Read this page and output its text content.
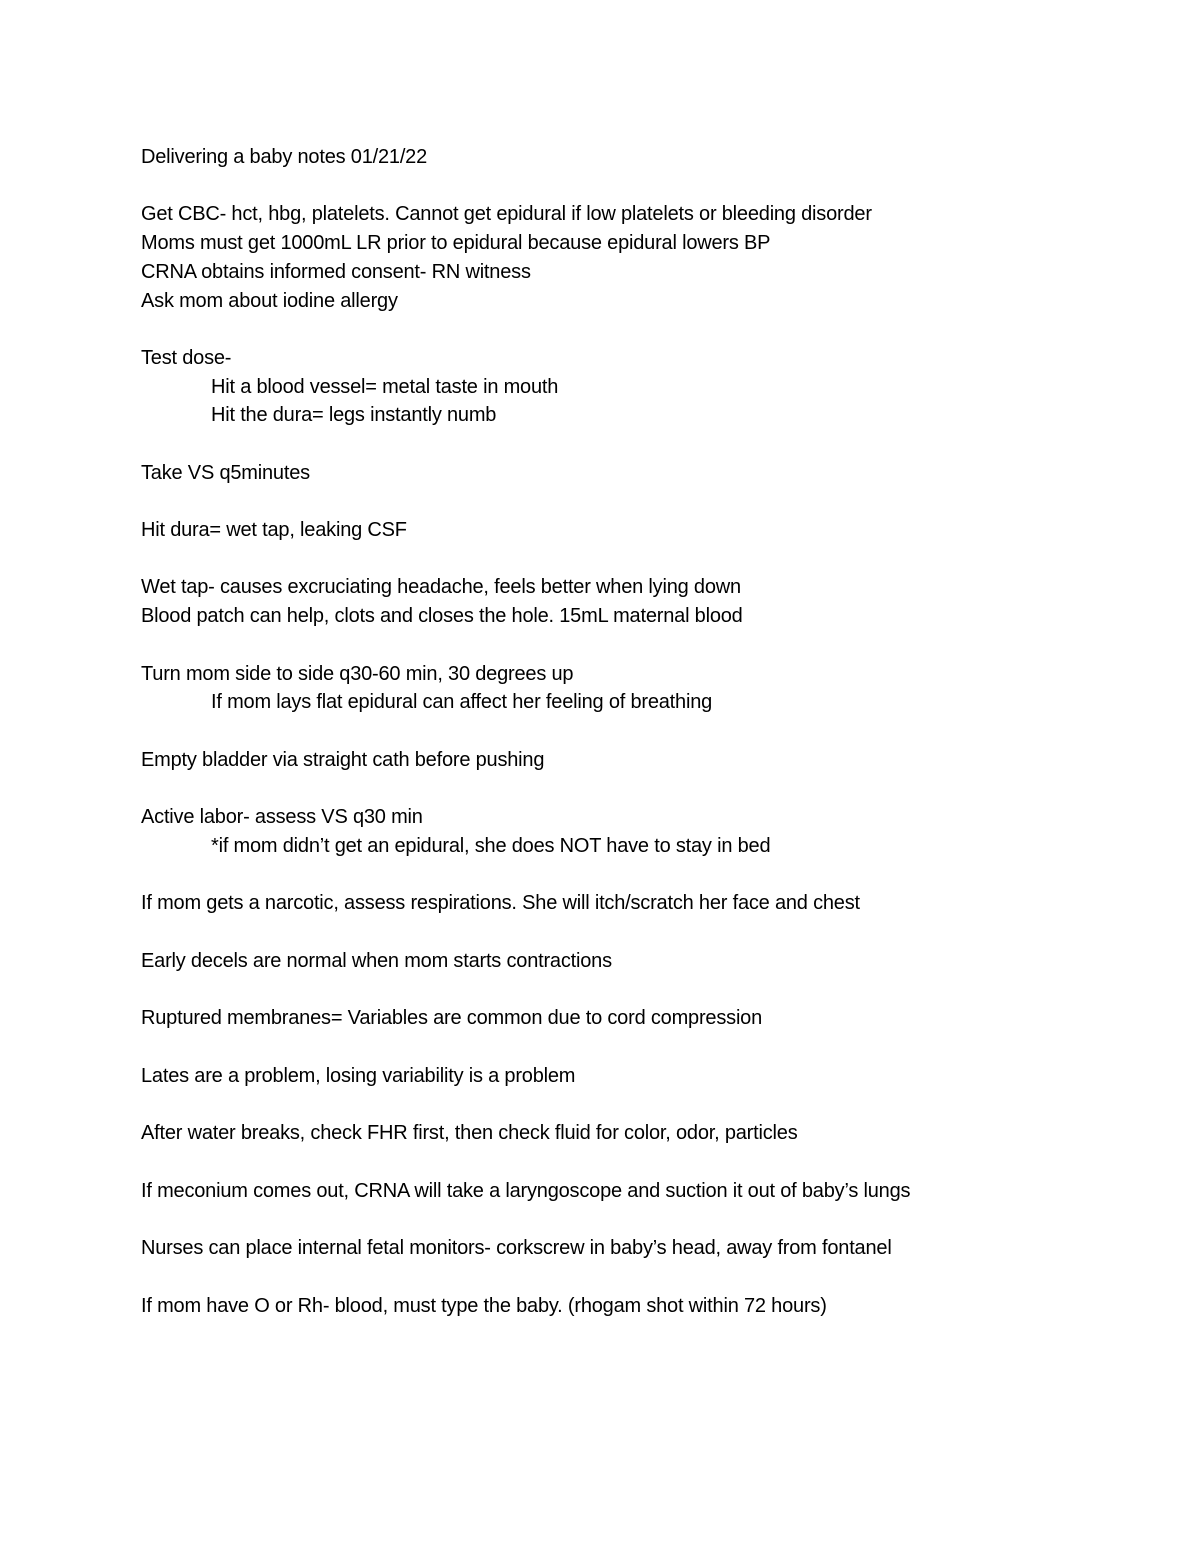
Delivering a baby notes 01/21/22
Get CBC- hct, hbg, platelets. Cannot get epidural if low platelets or bleeding disorder
Moms must get 1000mL LR prior to epidural because epidural lowers BP
CRNA obtains informed consent- RN witness
Ask mom about iodine allergy
Test dose-
Hit a blood vessel= metal taste in mouth
Hit the dura= legs instantly numb
Take VS q5minutes
Hit dura= wet tap, leaking CSF
Wet tap- causes excruciating headache, feels better when lying down
Blood patch can help, clots and closes the hole. 15mL maternal blood
Turn mom side to side q30-60 min, 30 degrees up
If mom lays flat epidural can affect her feeling of breathing
Empty bladder via straight cath before pushing
Active labor- assess VS q30 min
*if mom didn’t get an epidural, she does NOT have to stay in bed
If mom gets a narcotic, assess respirations. She will itch/scratch her face and chest
Early decels are normal when mom starts contractions
Ruptured membranes= Variables are common due to cord compression
Lates are a problem, losing variability is a problem
After water breaks, check FHR first, then check fluid for color, odor, particles
If meconium comes out, CRNA will take a laryngoscope and suction it out of baby’s lungs
Nurses can place internal fetal monitors- corkscrew in baby’s head, away from fontanel
If mom have O or Rh- blood, must type the baby. (rhogam shot within 72 hours)
